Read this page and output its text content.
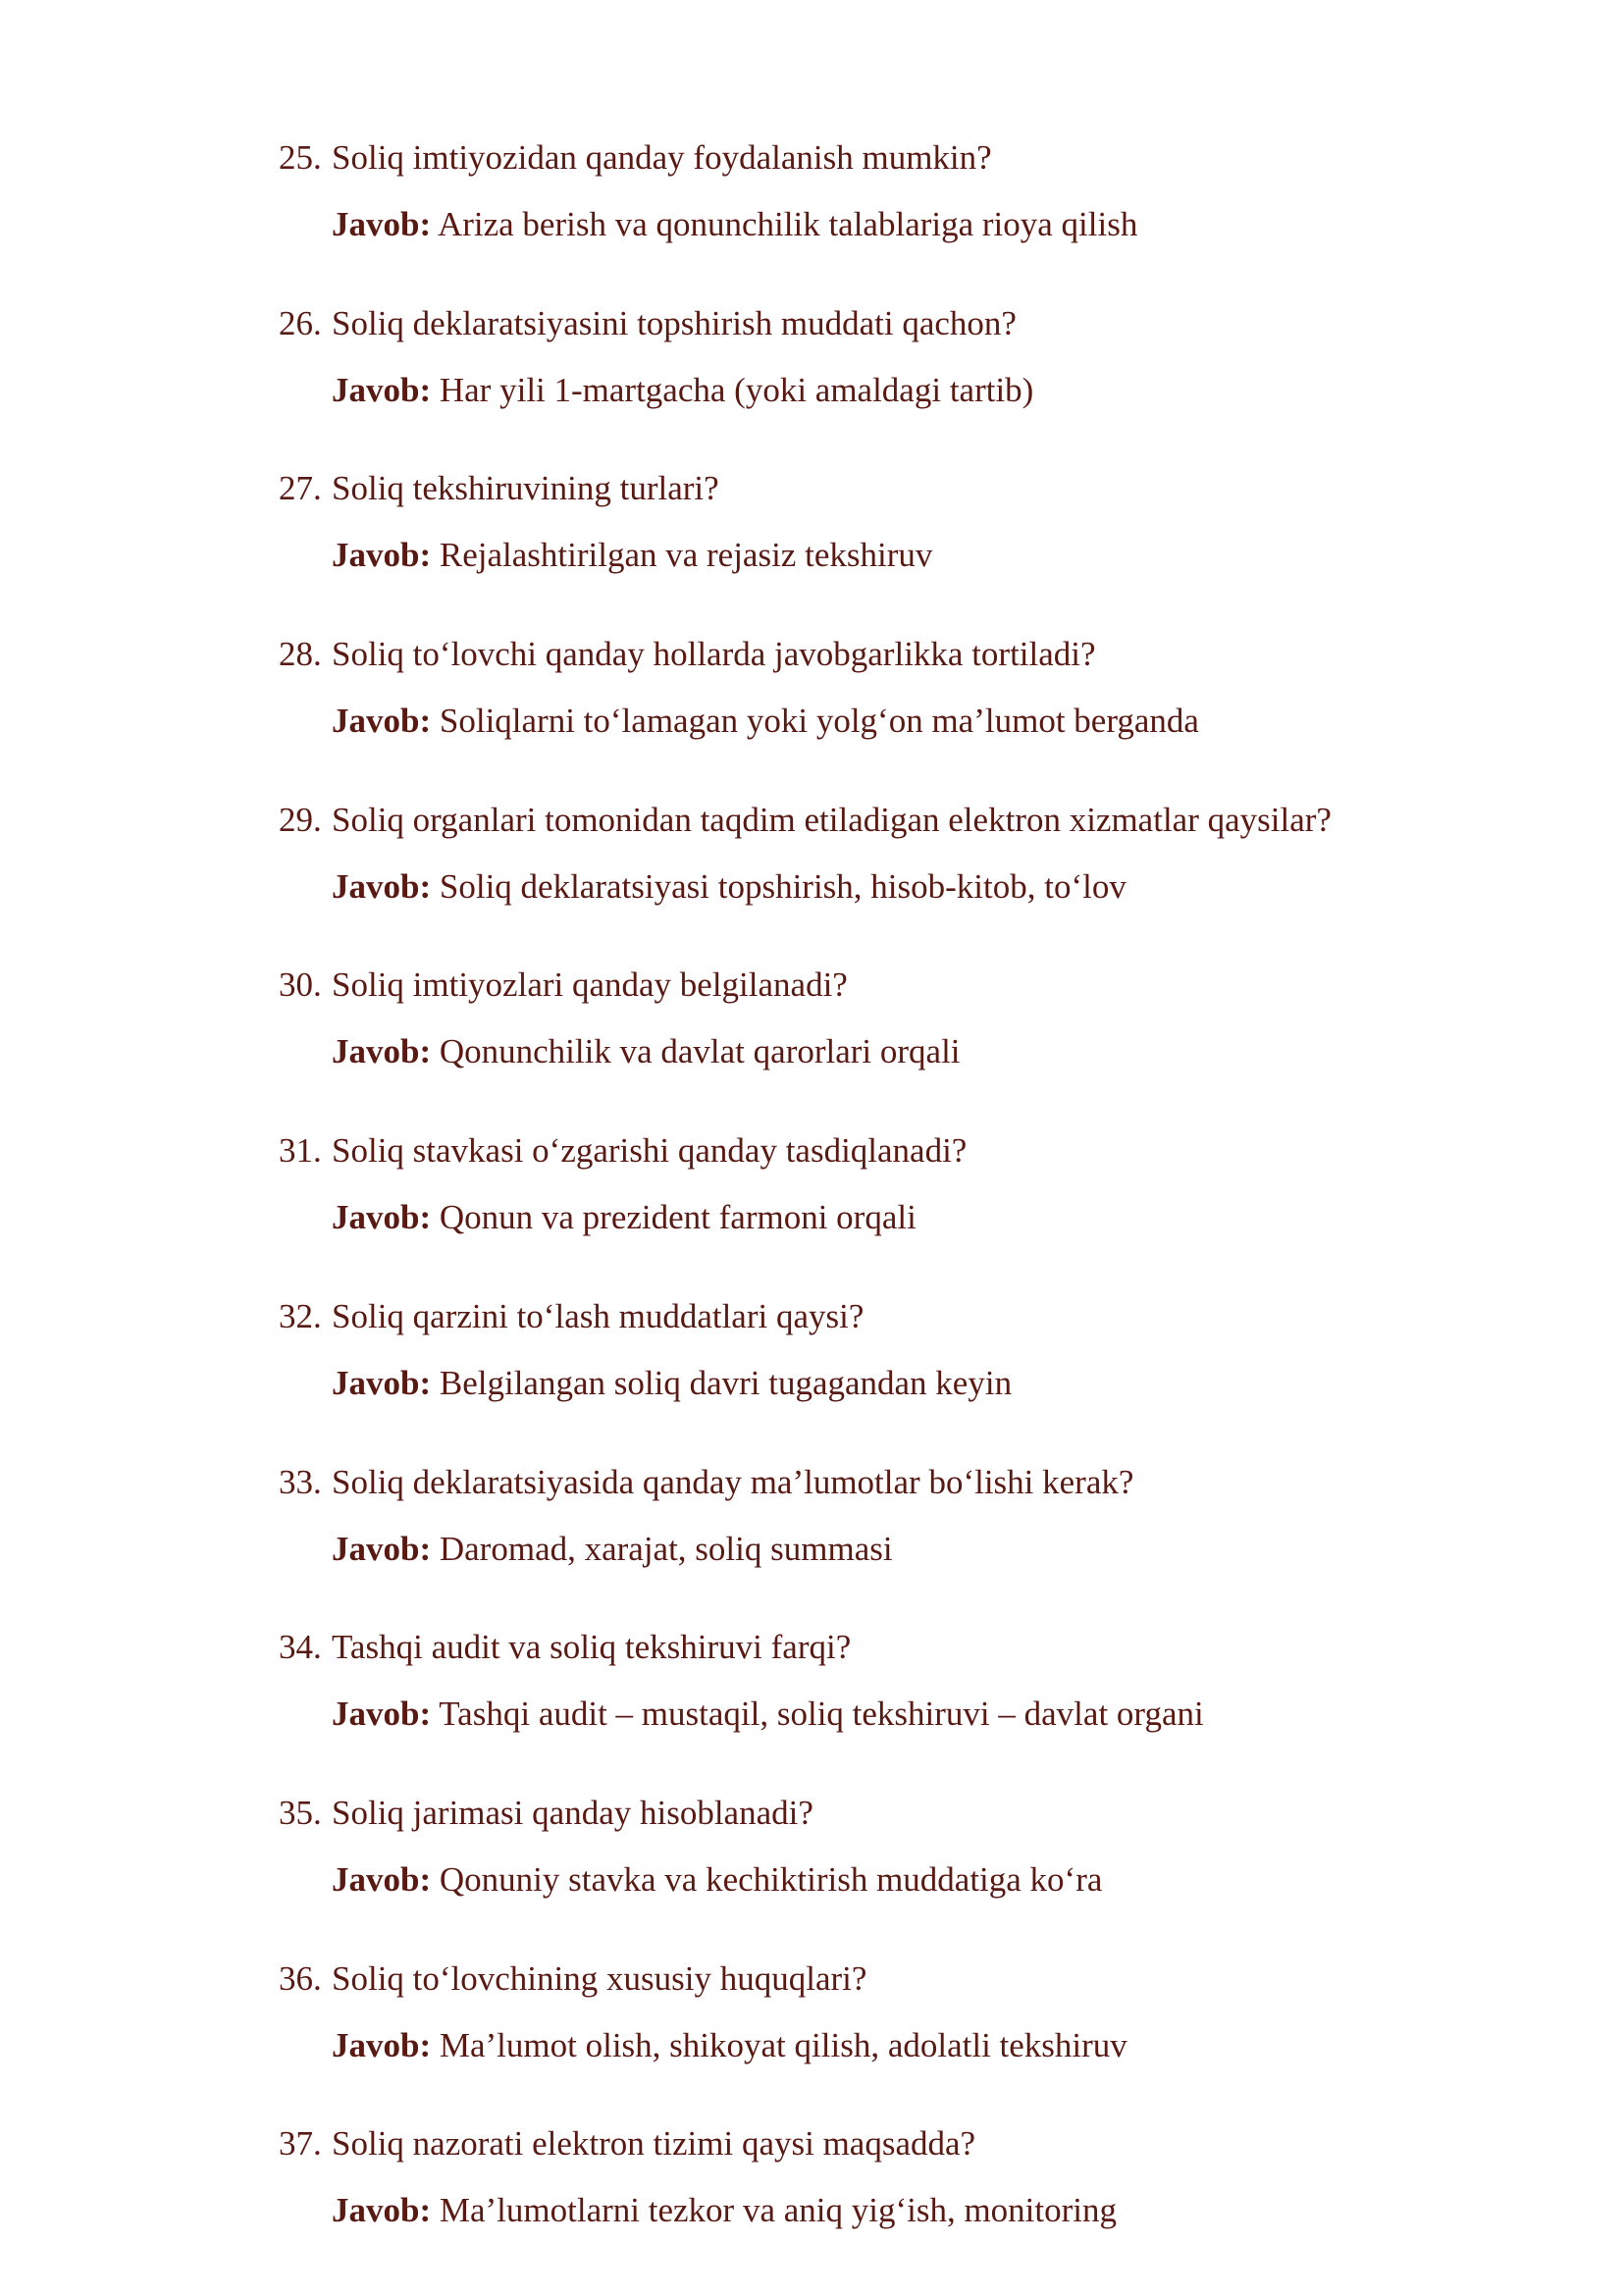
25. Soliq imtiyozidan qanday foydalanish mumkin?
Javob: Ariza berish va qonunchilik talablariga rioya qilish
26. Soliq deklaratsiyasini topshirish muddati qachon?
Javob: Har yili 1-martgacha (yoki amaldagi tartib)
27. Soliq tekshiruvining turlari?
Javob: Rejalashtirilgan va rejasiz tekshiruv
28. Soliq to‘lovchi qanday hollarda javobgarlikka tortiladi?
Javob: Soliqlarni to‘lamagan yoki yolg‘on ma’lumot berganda
29. Soliq organlari tomonidan taqdim etiladigan elektron xizmatlar qaysilar?
Javob: Soliq deklaratsiyasi topshirish, hisob-kitob, to‘lov
30. Soliq imtiyozlari qanday belgilanadi?
Javob: Qonunchilik va davlat qarorlari orqali
31. Soliq stavkasi o‘zgarishi qanday tasdiqlanadi?
Javob: Qonun va prezident farmoni orqali
32. Soliq qarzini to‘lash muddatlari qaysi?
Javob: Belgilangan soliq davri tugagandan keyin
33. Soliq deklaratsiyasida qanday ma’lumotlar bo‘lishi kerak?
Javob: Daromad, xarajat, soliq summasi
34. Tashqi audit va soliq tekshiruvi farqi?
Javob: Tashqi audit – mustaqil, soliq tekshiruvi – davlat organi
35. Soliq jarimasi qanday hisoblanadi?
Javob: Qonuniy stavka va kechiktirish muddatiga ko‘ra
36. Soliq to‘lovchining xususiy huquqlari?
Javob: Ma’lumot olish, shikoyat qilish, adolatli tekshiruv
37. Soliq nazorati elektron tizimi qaysi maqsadda?
Javob: Ma’lumotlarni tezkor va aniq yig‘ish, monitoring
